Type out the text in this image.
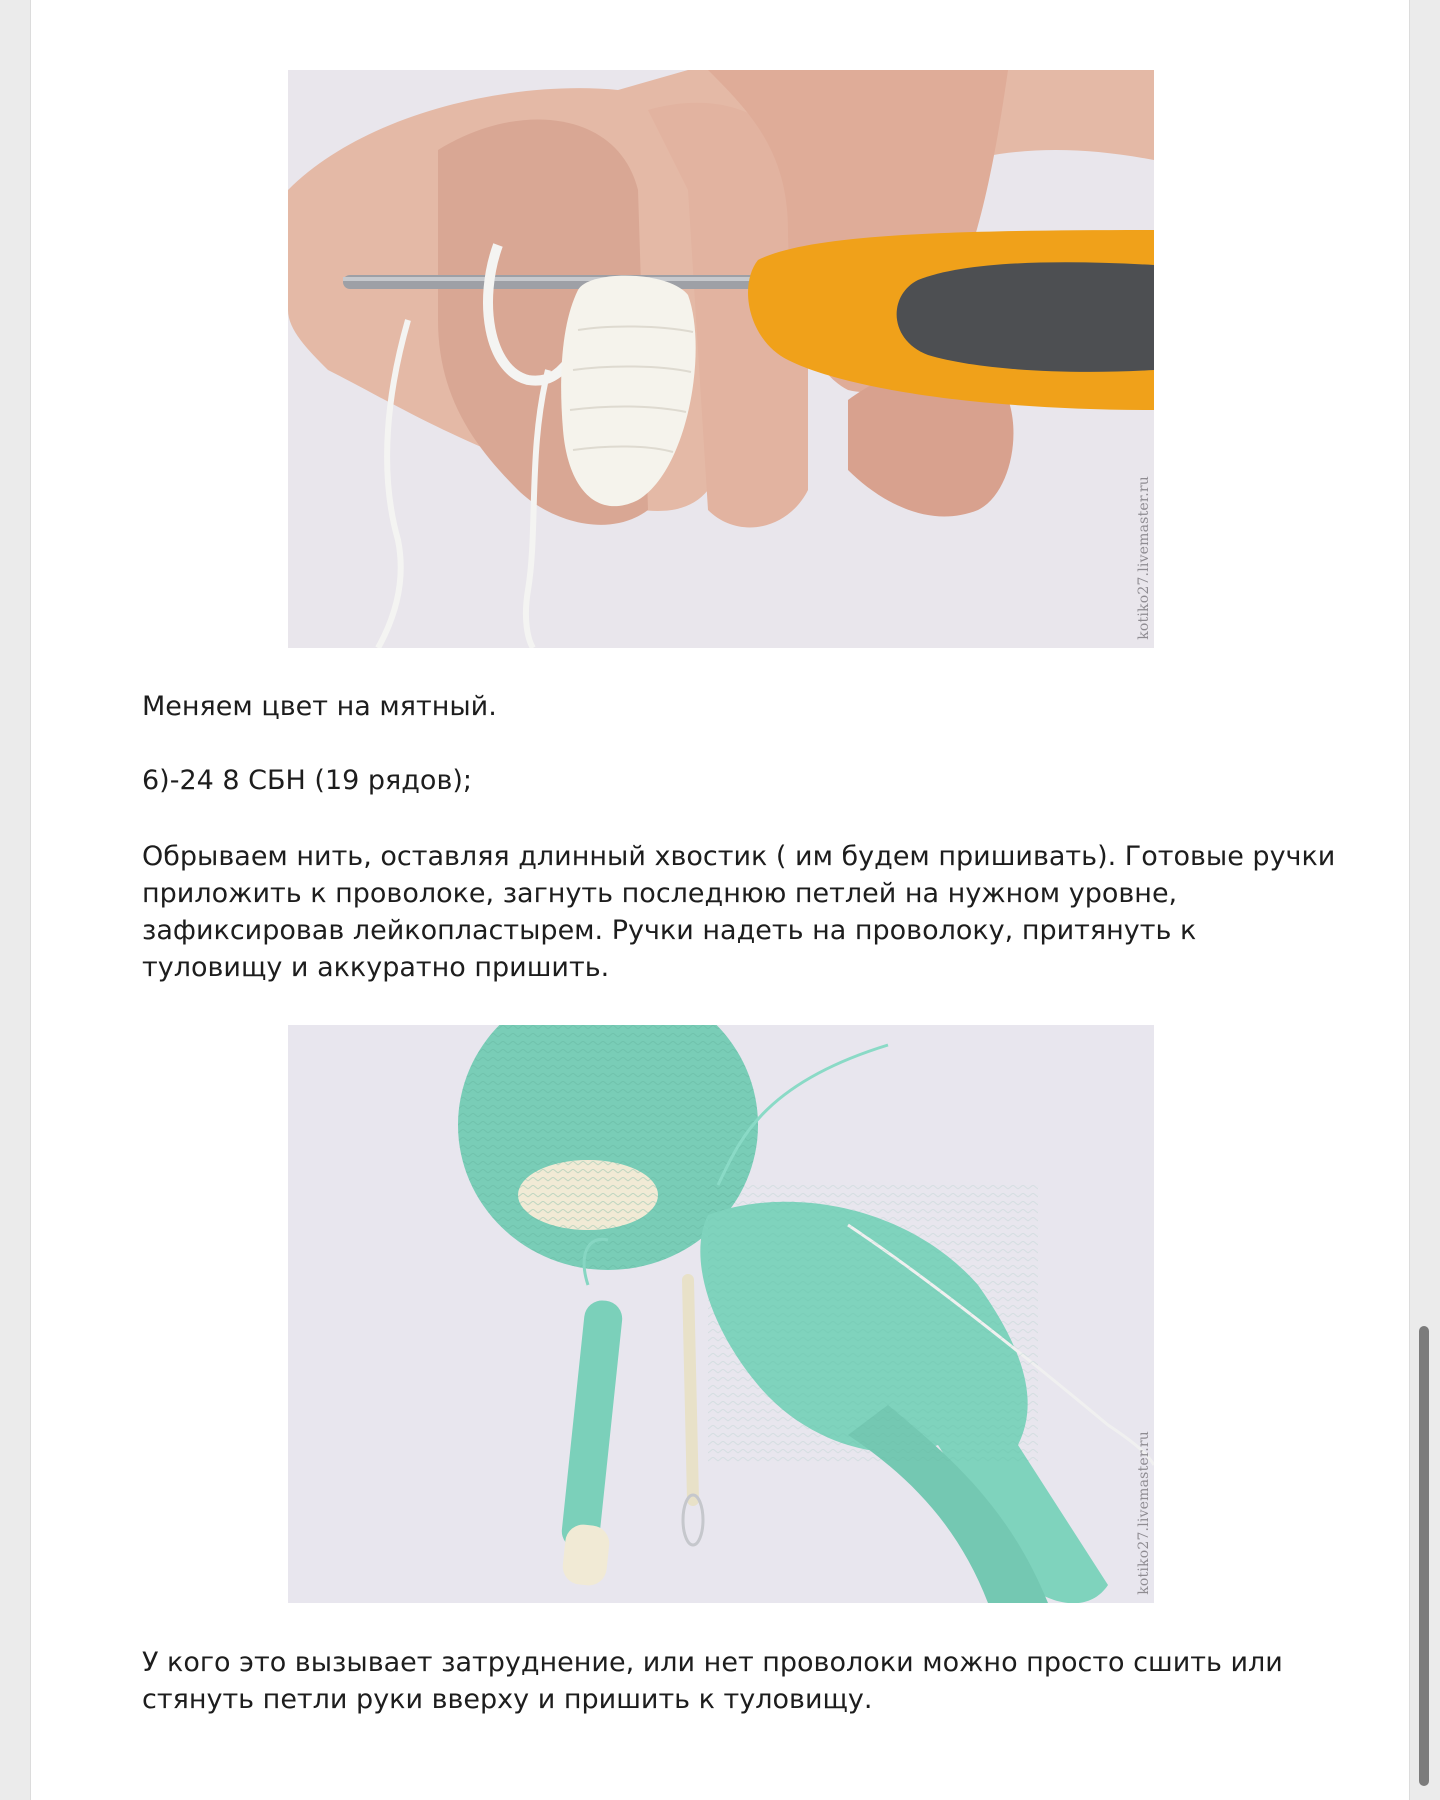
kotiko27.livemaster.ru

Меняем цвет на мятный.

6)-24 8 СБН (19 рядов);

Обрываем нить, оставляя длинный хвостик ( им будем пришивать). Готовые ручки приложить к проволоке, загнуть последнюю петлей на нужном уровне, зафиксировав лейкопластырем. Ручки надеть на проволоку, притянуть к туловищу и аккуратно пришить.

kotiko27.livemaster.ru

У кого это вызывает затруднение, или нет проволоки можно просто сшить или стянуть петли руки вверху и пришить к туловищу.
